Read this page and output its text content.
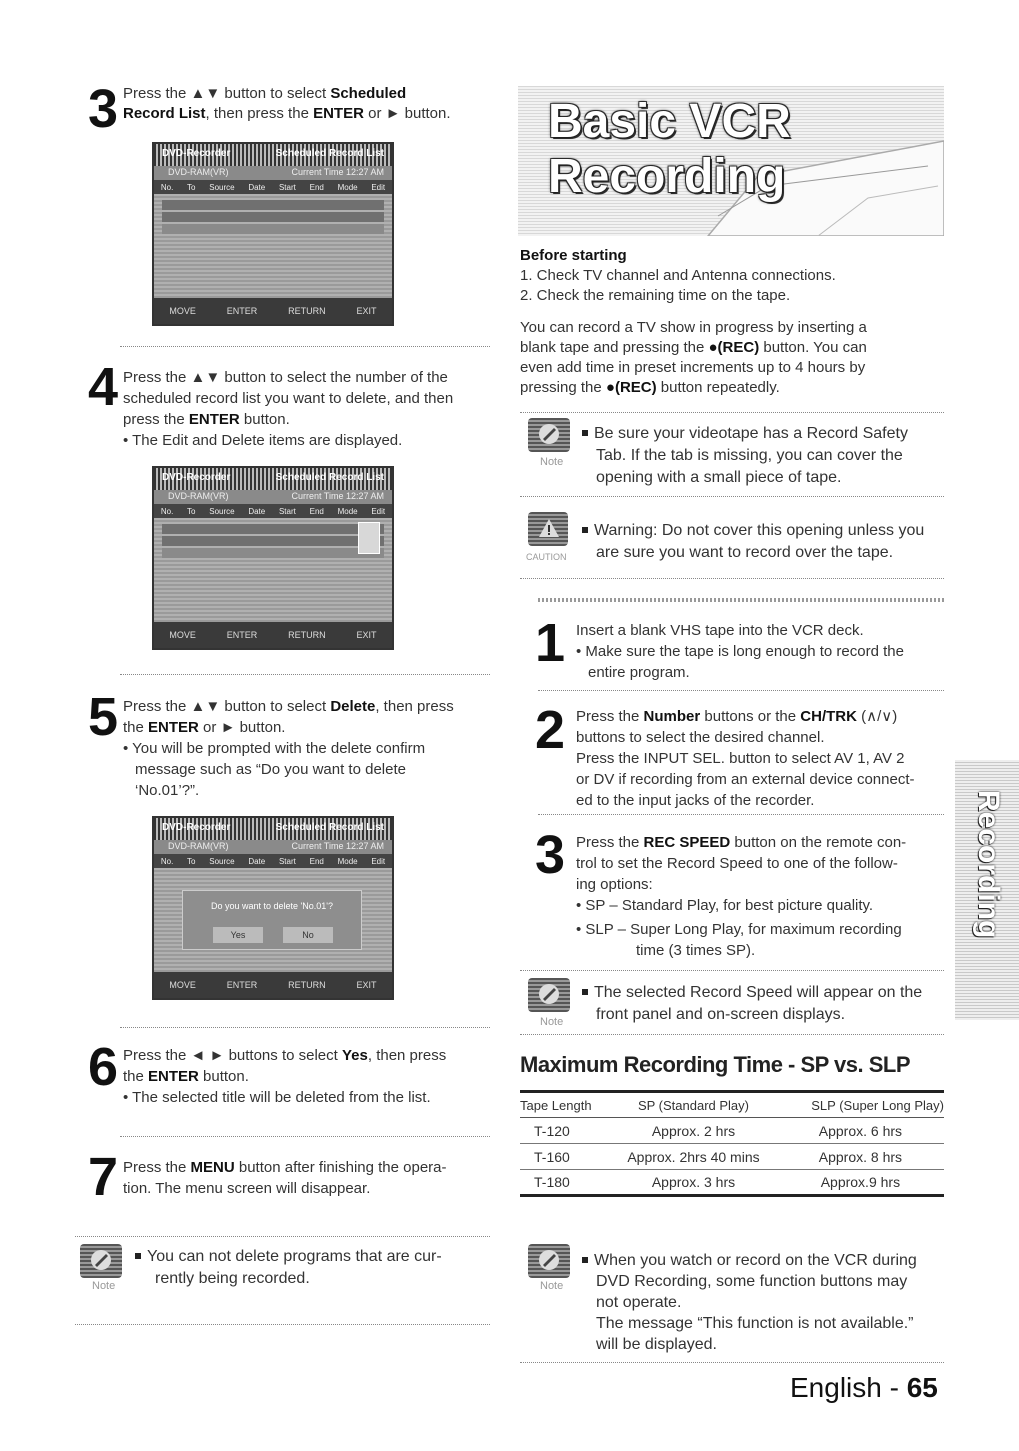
3 Press the ▲▼ button to select Scheduled
Record List, then press the ENTER or ► button.
DVD-Recorder	Scheduled Record List
DVD-RAM(VR)	Current Time 12:27 AM
No. To Source Date Start End Mode Edit
MOVE	ENTER	RETURN	EXIT
4 Press the ▲▼ button to select the number of the
scheduled record list you want to delete, and then
press the ENTER button.
• The Edit and Delete items are displayed.
DVD-Recorder	Scheduled Record List
DVD-RAM(VR)	Current Time 12:27 AM
No. To Source Date Start End Mode Edit
MOVE	ENTER	RETURN	EXIT
5 Press the ▲▼ button to select Delete, then press
the ENTER or ► button.
• You will be prompted with the delete confirm
message such as “Do you want to delete
‘No.01’?”.
DVD-Recorder	Scheduled Record List
DVD-RAM(VR)	Current Time 12:27 AM
No. To Source Date Start End Mode Edit
Do you want to delete 'No.01'?
Yes	No
MOVE	ENTER	RETURN	EXIT
6 Press the ◄ ► buttons to select Yes, then press
the ENTER button.
• The selected title will be deleted from the list.
7 Press the MENU button after finishing the opera-
tion. The menu screen will disappear.
Note
You can not delete programs that are cur-
rently being recorded.
Basic VCR Recording
Before starting
1. Check TV channel and Antenna connections.
2. Check the remaining time on the tape.
You can record a TV show in progress by inserting a
blank tape and pressing the ●(REC) button. You can
even add time in preset increments up to 4 hours by
pressing the ●(REC) button repeatedly.
Note
Be sure your videotape has a Record Safety
Tab. If the tab is missing, you can cover the
opening with a small piece of tape.
CAUTION
Warning: Do not cover this opening unless you
are sure you want to record over the tape.
1 Insert a blank VHS tape into the VCR deck.
• Make sure the tape is long enough to record the
entire program.
2 Press the Number buttons or the CH/TRK (∧/∨)
buttons to select the desired channel.
Press the INPUT SEL. button to select AV 1, AV 2
or DV if recording from an external device connect-
ed to the input jacks of the recorder.
3 Press the REC SPEED button on the remote con-
trol to set the Record Speed to one of the follow-
ing options:
• SP – Standard Play, for best picture quality.
• SLP – Super Long Play, for maximum recording
time (3 times SP).
Note
The selected Record Speed will appear on the
front panel and on-screen displays.
Maximum Recording Time - SP vs. SLP
Tape Length	SP (Standard Play)	SLP (Super Long Play)
T-120	Approx. 2 hrs	Approx. 6 hrs
T-160	Approx. 2hrs 40 mins	Approx. 8 hrs
T-180	Approx. 3 hrs	Approx.9 hrs
Note
When you watch or record on the VCR during
DVD Recording, some function buttons may
not operate.
The message “This function is not available.”
will be displayed.
Recording
English - 65
